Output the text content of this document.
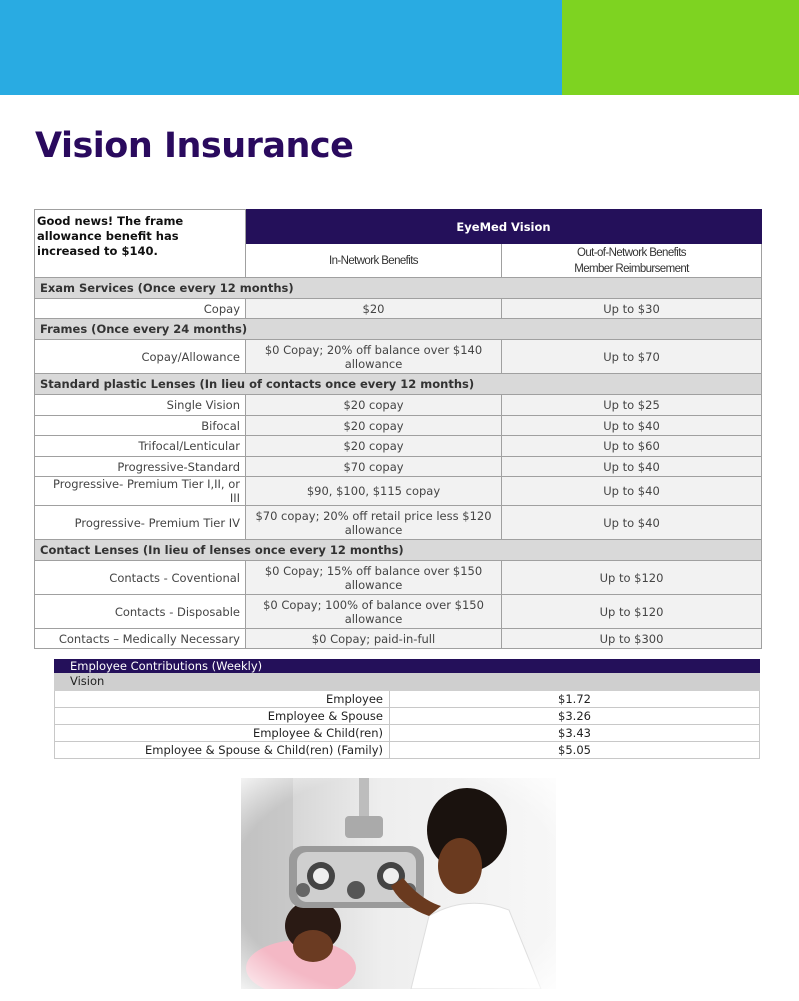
Vision Insurance
Good news! The frame allowance benefit has increased to $140.	EyeMed Vision	
	In-Network Benefits	Out-of-Network Benefits
Member Reimbursement
Exam Services (Once every 12 months)		
Copay	$20	Up to $30
Frames (Once every 24 months)		
Copay/Allowance	$0 Copay; 20% off balance over $140 allowance	Up to $70
Standard plastic Lenses (In lieu of contacts once every 12 months)		
Single Vision	$20 copay	Up to $25
Bifocal	$20 copay	Up to $40
Trifocal/Lenticular	$20 copay	Up to $60
Progressive-Standard	$70 copay	Up to $40
Progressive- Premium Tier I,II, or III	$90, $100, $115 copay	Up to $40
Progressive- Premium Tier IV	$70 copay; 20% off retail price less $120 allowance	Up to $40
Contact Lenses (In lieu of lenses once every 12 months)		
Contacts - Coventional	$0 Copay; 15% off balance over $150 allowance	Up to $120
Contacts - Disposable	$0 Copay; 100% of balance over $150 allowance	Up to $120
Contacts – Medically Necessary	$0 Copay; paid-in-full	Up to $300
Employee Contributions (Weekly)	
Vision	
Employee	$1.72
Employee & Spouse	$3.26
Employee & Child(ren)	$3.43
Employee & Spouse & Child(ren) (Family)	$5.05
